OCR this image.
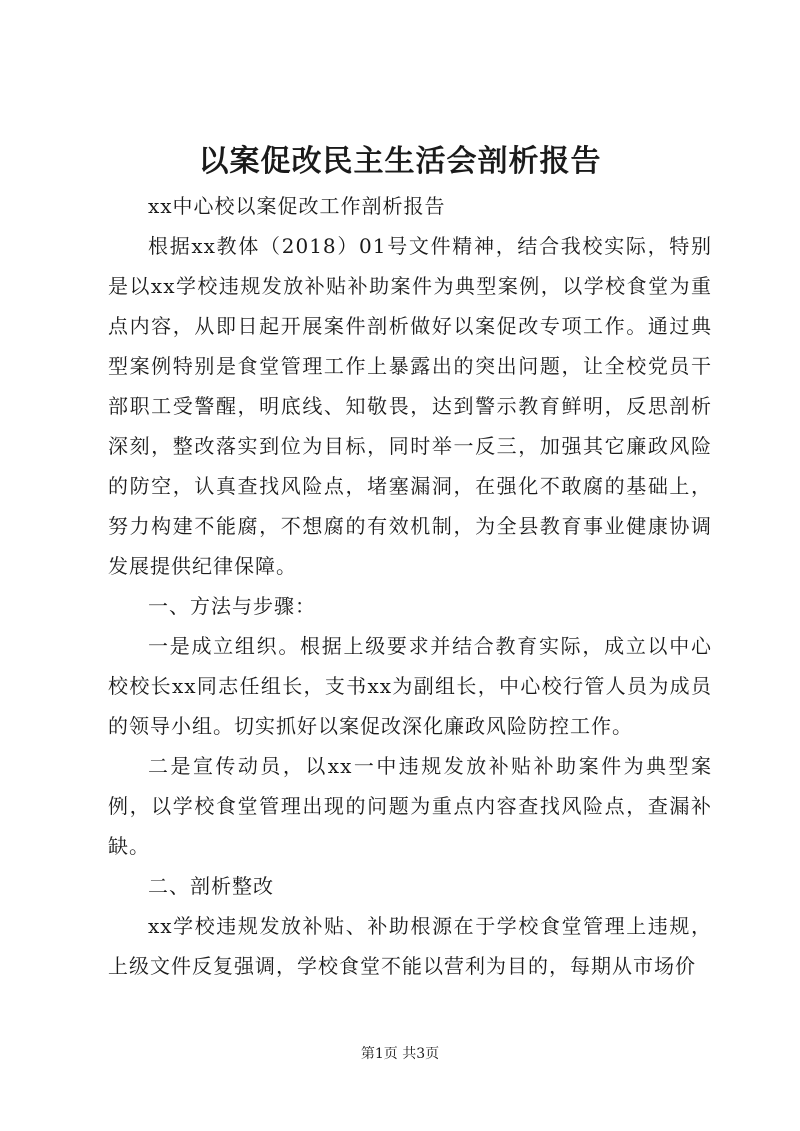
以案促改民主生活会剖析报告

xx中心校以案促改工作剖析报告

根据xx教体（2018）01号文件精神，结合我校实际，特别是以xx学校违规发放补贴补助案件为典型案例，以学校食堂为重点内容，从即日起开展案件剖析做好以案促改专项工作。通过典型案例特别是食堂管理工作上暴露出的突出问题，让全校党员干部职工受警醒，明底线、知敬畏，达到警示教育鲜明，反思剖析深刻，整改落实到位为目标，同时举一反三，加强其它廉政风险的防空，认真查找风险点，堵塞漏洞，在强化不敢腐的基础上，努力构建不能腐，不想腐的有效机制，为全县教育事业健康协调发展提供纪律保障。

一、方法与步骤：

一是成立组织。根据上级要求并结合教育实际，成立以中心校校长xx同志任组长，支书xx为副组长，中心校行管人员为成员的领导小组。切实抓好以案促改深化廉政风险防控工作。

二是宣传动员，以xx一中违规发放补贴补助案件为典型案例，以学校食堂管理出现的问题为重点内容查找风险点，查漏补缺。

二、剖析整改

xx学校违规发放补贴、补助根源在于学校食堂管理上违规，上级文件反复强调，学校食堂不能以营利为目的，每期从市场价

第1页 共3页
